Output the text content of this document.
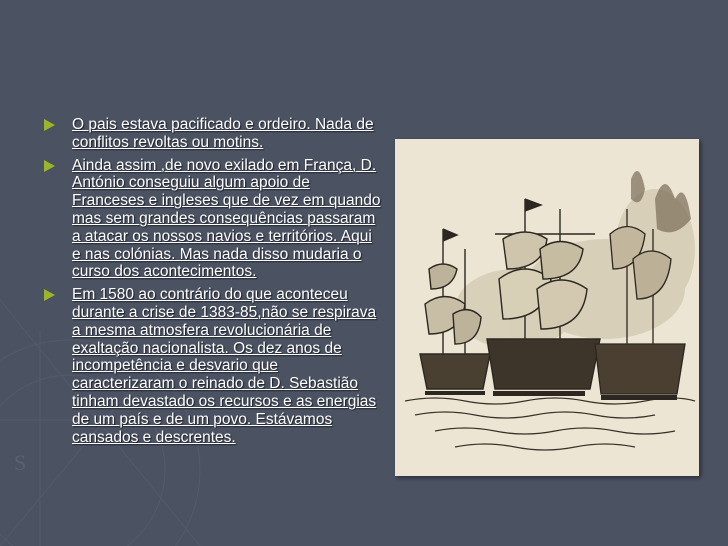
S
O pais estava pacificado e ordeiro. Nada de conflitos revoltas ou motins.
Ainda assim ,de novo exilado em França, D. António conseguiu algum apoio de Franceses e ingleses que de vez em quando mas sem grandes consequências passaram a atacar os nossos navios e territórios. Aqui e nas colónias. Mas nada disso mudaria o curso dos acontecimentos.
Em 1580 ao contrário do que aconteceu durante a crise de 1383-85,não se respirava a mesma atmosfera revolucionária de exaltação nacionalista. Os dez anos de incompetência e desvario que caracterizaram o reinado de D. Sebastião tinham devastado os recursos e as energias de um país e de um povo. Estávamos cansados e descrentes.
